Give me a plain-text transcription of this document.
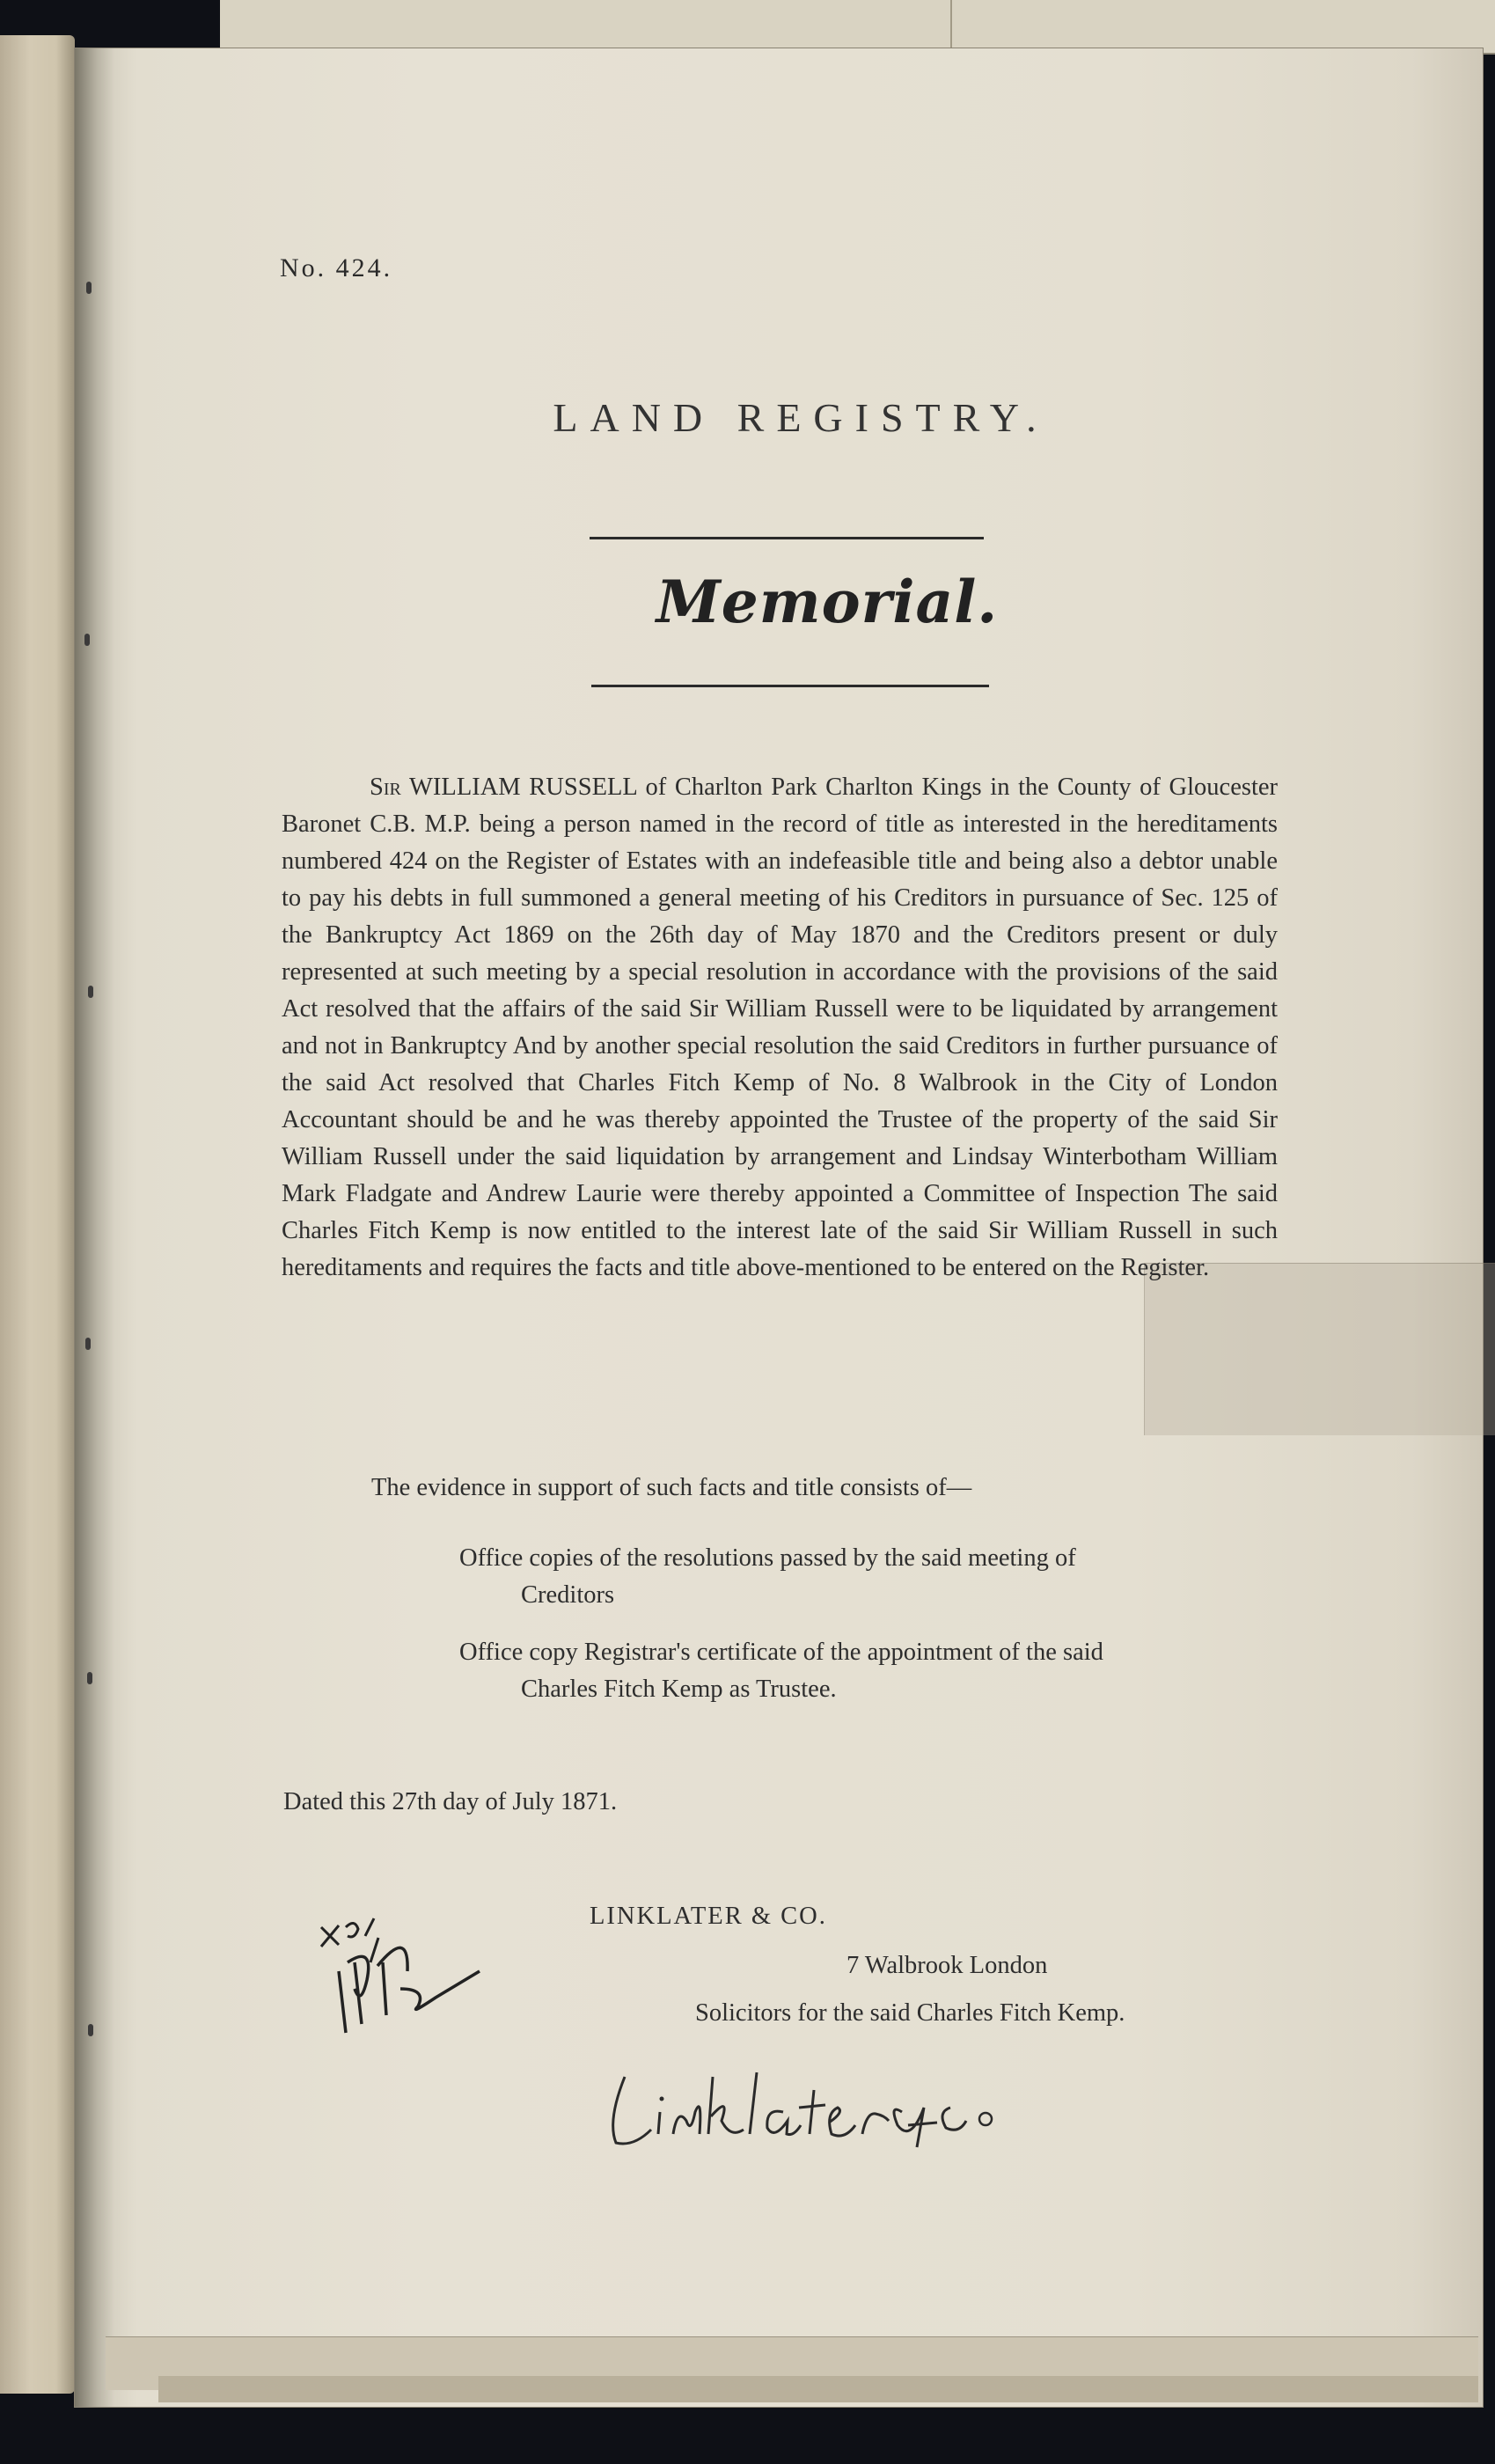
No. 424.
LAND REGISTRY.
Memorial.
Sir WILLIAM RUSSELL of Charlton Park Charlton Kings in the County of Gloucester Baronet C.B. M.P. being a person named in the record of title as interested in the hereditaments numbered 424 on the Register of Estates with an indefeasible title and being also a debtor unable to pay his debts in full summoned a general meeting of his Creditors in pursuance of Sec. 125 of the Bankruptcy Act 1869 on the 26th day of May 1870 and the Creditors present or duly represented at such meeting by a special resolution in accordance with the provisions of the said Act resolved that the affairs of the said Sir William Russell were to be liquidated by arrangement and not in Bankruptcy And by another special resolution the said Creditors in further pursuance of the said Act resolved that Charles Fitch Kemp of No. 8 Walbrook in the City of London Accountant should be and he was thereby appointed the Trustee of the property of the said Sir William Russell under the said liquidation by arrangement and Lindsay Winterbotham William Mark Fladgate and Andrew Laurie were thereby appointed a Committee of Inspection The said Charles Fitch Kemp is now entitled to the interest late of the said Sir William Russell in such hereditaments and requires the facts and title above-mentioned to be entered on the Register.
The evidence in support of such facts and title consists of—
Office copies of the resolutions passed by the said meeting of
Creditors
Office copy Registrar's certificate of the appointment of the said
Charles Fitch Kemp as Trustee.
Dated this 27th day of July 1871.
LINKLATER & CO.
7 Walbrook London
Solicitors for the said Charles Fitch Kemp.
